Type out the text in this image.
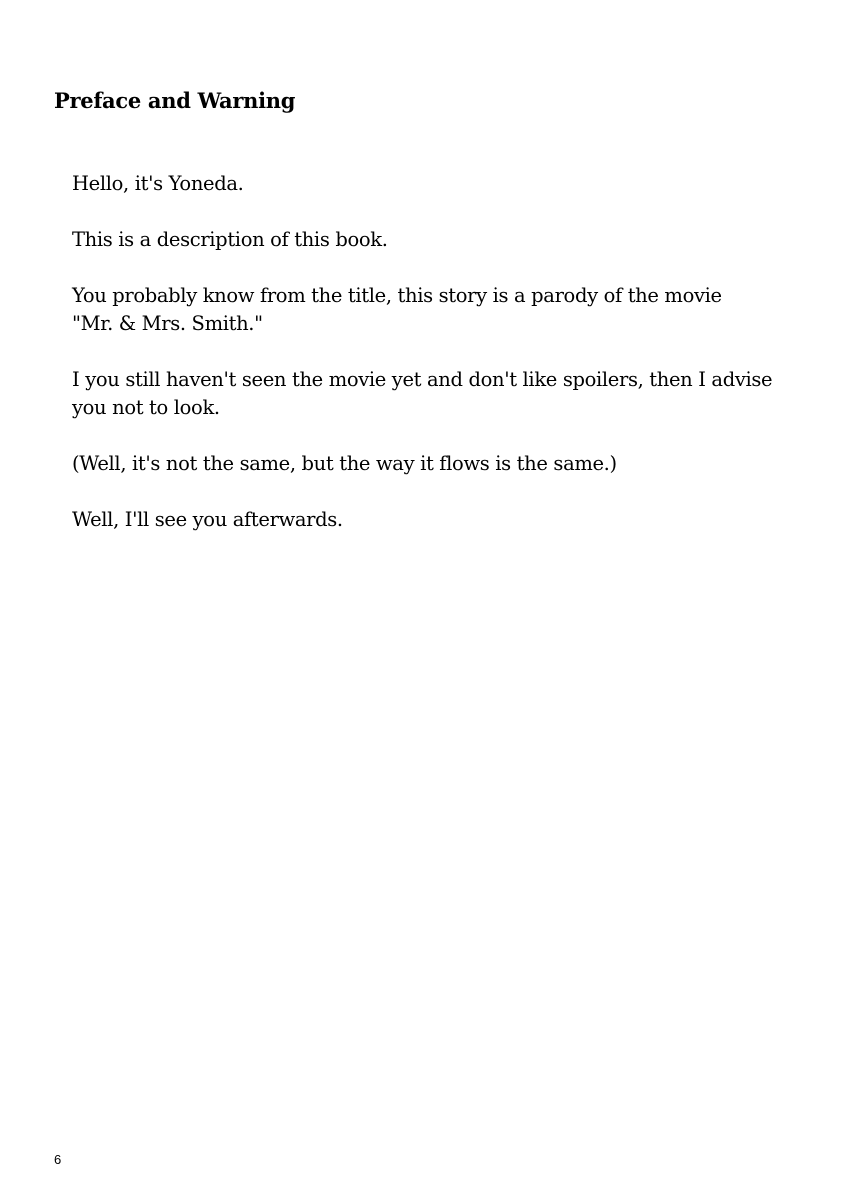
Preface and Warning

Hello, it's Yoneda.

This is a description of this book.

You probably know from the title, this story is a parody of the movie
"Mr. & Mrs. Smith."

I you still haven't seen the movie yet and don't like spoilers, then I advise
you not to look.

(Well, it's not the same, but the way it flows is the same.)

Well, I'll see you afterwards.

6
